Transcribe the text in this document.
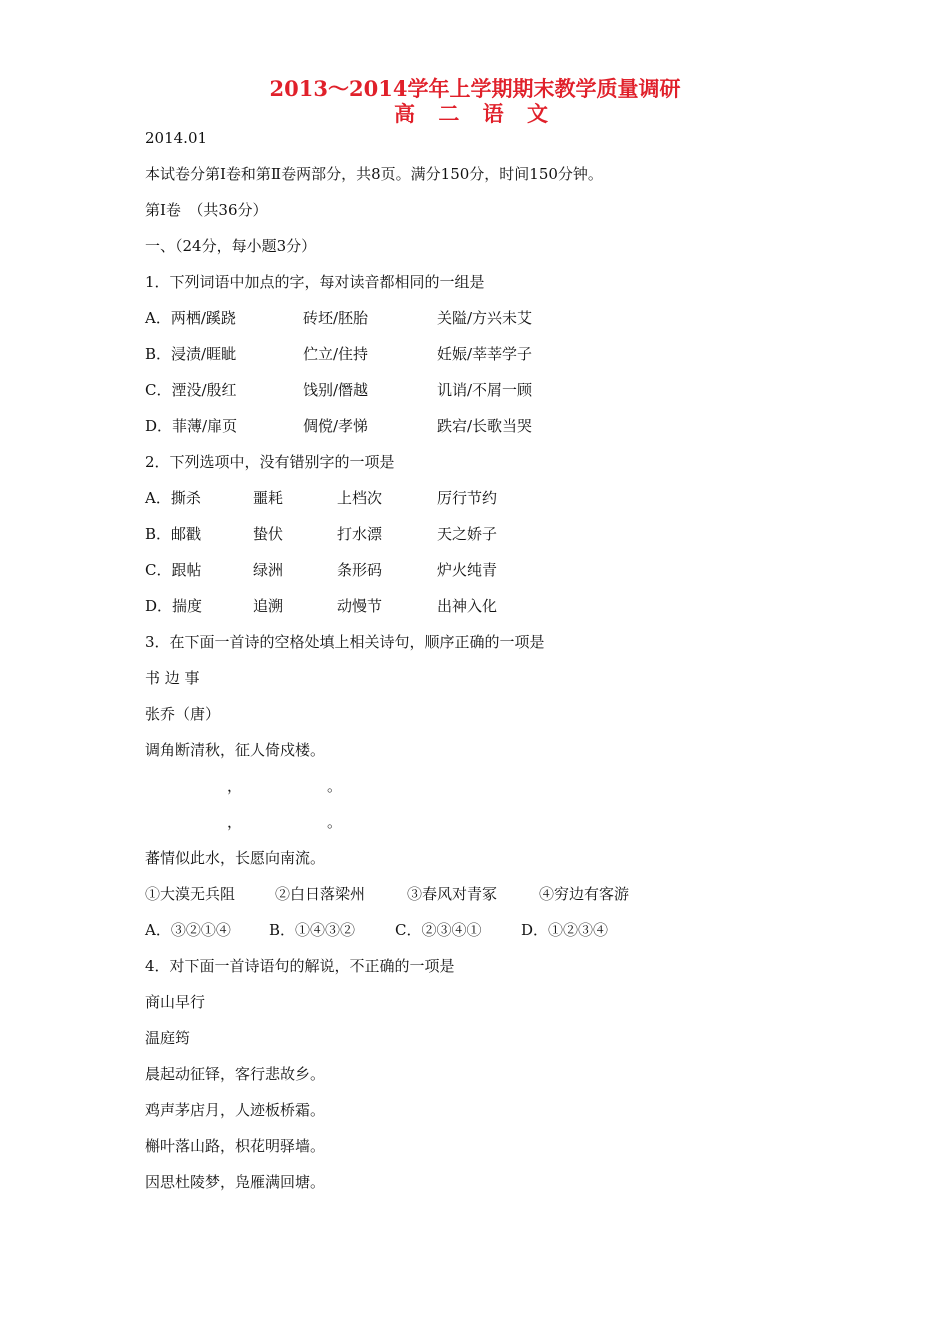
2013～2014学年上学期期末教学质量调研
高 二 语 文
2014.01
本试卷分第Ⅰ卷和第Ⅱ卷两部分，共8页。满分150分，时间150分钟。
第Ⅰ卷　（共36分）
一、（24分，每小题3分）
1．下列词语中加点的字，每对读音都相同的一组是
A．两栖/蹊跷	砖坯/胚胎	关隘/方兴未艾
B．浸渍/睚眦	伫立/住持	妊娠/莘莘学子
C．湮没/殷红	饯别/僭越	讥诮/不屑一顾
D．菲薄/扉页	倜傥/孝悌	跌宕/长歌当哭
2．下列选项中，没有错别字的一项是
A．撕杀	噩耗	上档次	厉行节约
B．邮戳	蛰伏	打水漂	天之娇子
C．跟帖	绿洲	条形码	炉火纯青
D．揣度	追溯	动慢节	出神入化
3．在下面一首诗的空格处填上相关诗句，顺序正确的一项是
书 边 事
张乔（唐）
调角断清秋，征人倚戍楼。
，	。
，	。
蕃情似此水，长愿向南流。
①大漠无兵阻	②白日落梁州	③春风对青冢	④穷边有客游
A．③②①④	B．①④③②	C．②③④①	D．①②③④
4．对下面一首诗语句的解说，不正确的一项是
商山早行
温庭筠
晨起动征铎，客行悲故乡。
鸡声茅店月，人迹板桥霜。
槲叶落山路，枳花明驿墙。
因思杜陵梦，凫雁满回塘。
